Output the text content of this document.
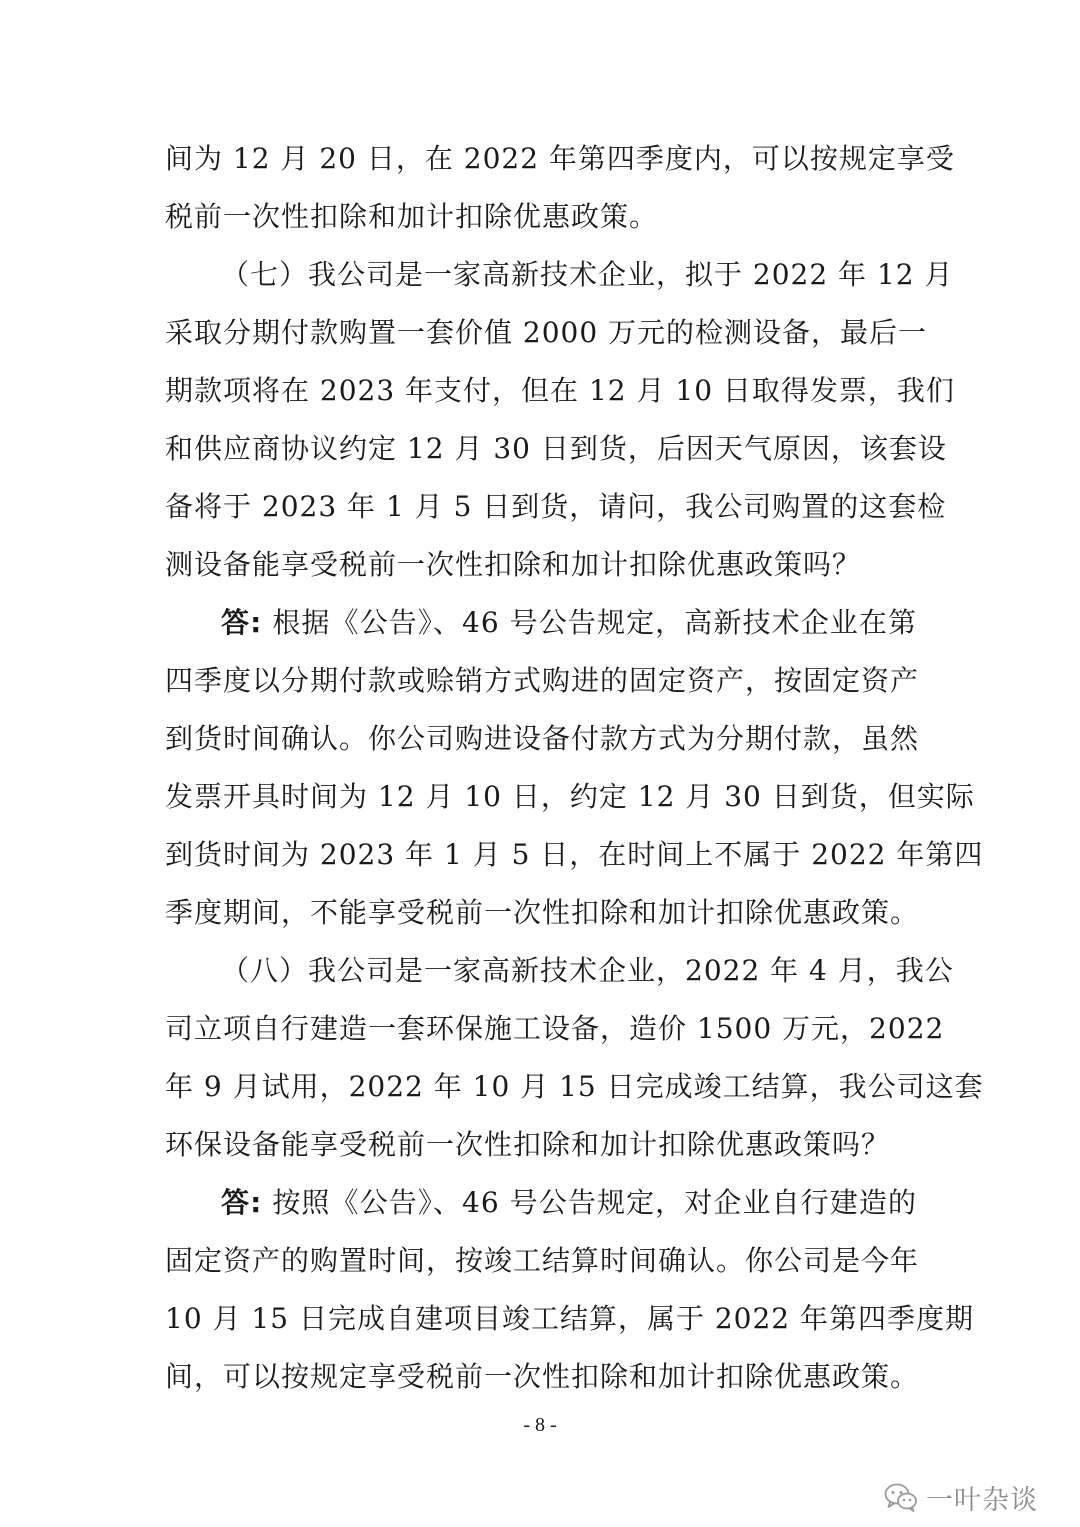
间为 12 月 20 日，在 2022 年第四季度内，可以按规定享受
税前一次性扣除和加计扣除优惠政策。
（七）我公司是一家高新技术企业，拟于 2022 年 12 月
采取分期付款购置一套价值 2000 万元的检测设备，最后一
期款项将在 2023 年支付，但在 12 月 10 日取得发票，我们
和供应商协议约定 12 月 30 日到货，后因天气原因，该套设
备将于 2023 年 1 月 5 日到货，请问，我公司购置的这套检
测设备能享受税前一次性扣除和加计扣除优惠政策吗？
答: 根据《公告》、46 号公告规定，高新技术企业在第
四季度以分期付款或赊销方式购进的固定资产，按固定资产
到货时间确认。你公司购进设备付款方式为分期付款，虽然
发票开具时间为 12 月 10 日，约定 12 月 30 日到货，但实际
到货时间为 2023 年 1 月 5 日，在时间上不属于 2022 年第四
季度期间，不能享受税前一次性扣除和加计扣除优惠政策。
（八）我公司是一家高新技术企业，2022 年 4 月，我公
司立项自行建造一套环保施工设备，造价 1500 万元，2022
年 9 月试用，2022 年 10 月 15 日完成竣工结算，我公司这套
环保设备能享受税前一次性扣除和加计扣除优惠政策吗？
答: 按照《公告》、46 号公告规定，对企业自行建造的
固定资产的购置时间，按竣工结算时间确认。你公司是今年
10 月 15 日完成自建项目竣工结算，属于 2022 年第四季度期
间，可以按规定享受税前一次性扣除和加计扣除优惠政策。
- 8 -
一叶杂谈
